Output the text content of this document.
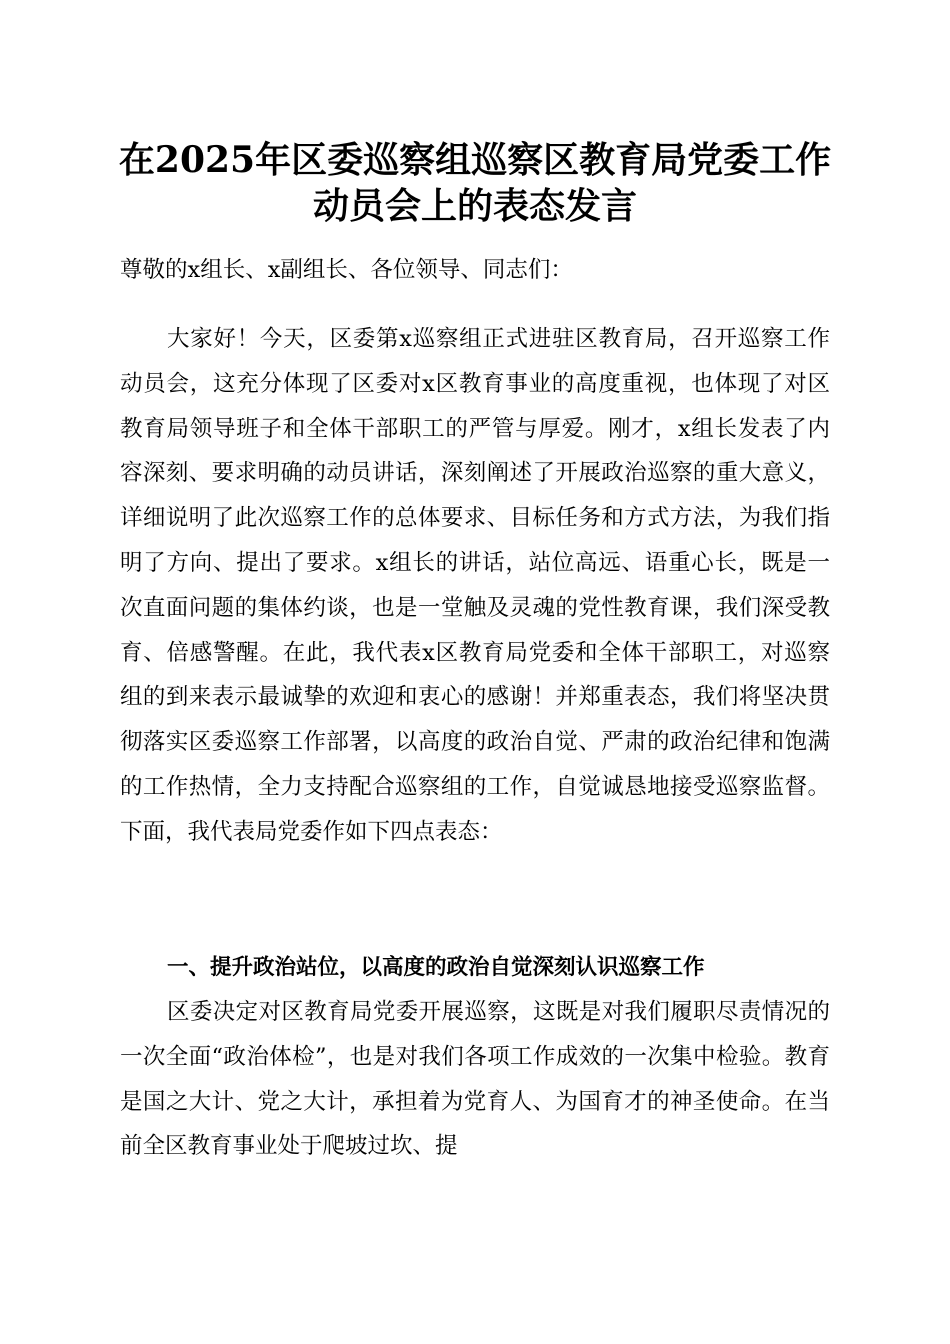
在2025年区委巡察组巡察区教育局党委工作
动员会上的表态发言

尊敬的x组长、x副组长、各位领导、同志们：

大家好！今天，区委第x巡察组正式进驻区教育局，召开巡察工作动员会，这充分体现了区委对x区教育事业的高度重视，也体现了对区教育局领导班子和全体干部职工的严管与厚爱。刚才，x组长发表了内容深刻、要求明确的动员讲话，深刻阐述了开展政治巡察的重大意义，详细说明了此次巡察工作的总体要求、目标任务和方式方法，为我们指明了方向、提出了要求。x组长的讲话，站位高远、语重心长，既是一次直面问题的集体约谈，也是一堂触及灵魂的党性教育课，我们深受教育、倍感警醒。在此，我代表x区教育局党委和全体干部职工，对巡察组的到来表示最诚挚的欢迎和衷心的感谢！并郑重表态，我们将坚决贯彻落实区委巡察工作部署，以高度的政治自觉、严肃的政治纪律和饱满的工作热情，全力支持配合巡察组的工作，自觉诚恳地接受巡察监督。下面，我代表局党委作如下四点表态：

一、提升政治站位，以高度的政治自觉深刻认识巡察工作

区委决定对区教育局党委开展巡察，这既是对我们履职尽责情况的一次全面“政治体检”，也是对我们各项工作成效的一次集中检验。教育是国之大计、党之大计，承担着为党育人、为国育才的神圣使命。在当前全区教育事业处于爬坡过坎、提
